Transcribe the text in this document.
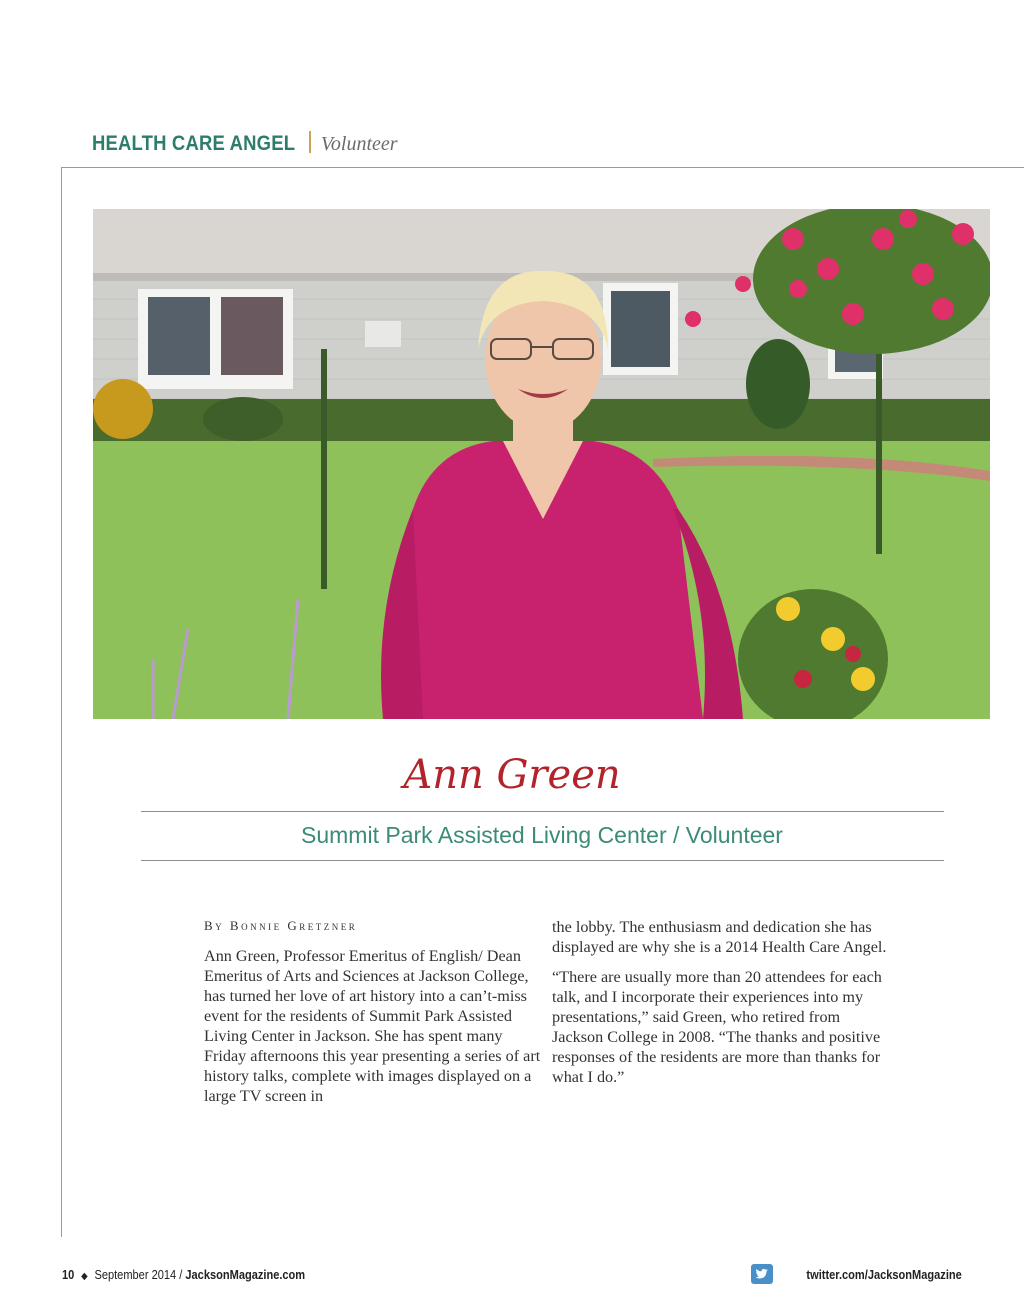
HEALTH CARE ANGEL Volunteer
Ann Green
Summit Park Assisted Living Center / Volunteer
By Bonnie Gretzner

Ann Green, Professor Emeritus of English/ Dean Emeritus of Arts and Sciences at Jackson College, has turned her love of art history into a can’t-miss event for the residents of Summit Park Assisted Living Center in Jackson. She has spent many Friday afternoons this year presenting a series of art history talks, complete with images displayed on a large TV screen in

the lobby. The enthusiasm and dedication she has displayed are why she is a 2014 Health Care Angel.

“There are usually more than 20 attendees for each talk, and I incorporate their experiences into my presentations,” said Green, who retired from Jackson College in 2008. “The thanks and positive responses of the residents are more than thanks for what I do.”

10 ◆ September 2014 / JacksonMagazine.com	twitter.com/JacksonMagazine
